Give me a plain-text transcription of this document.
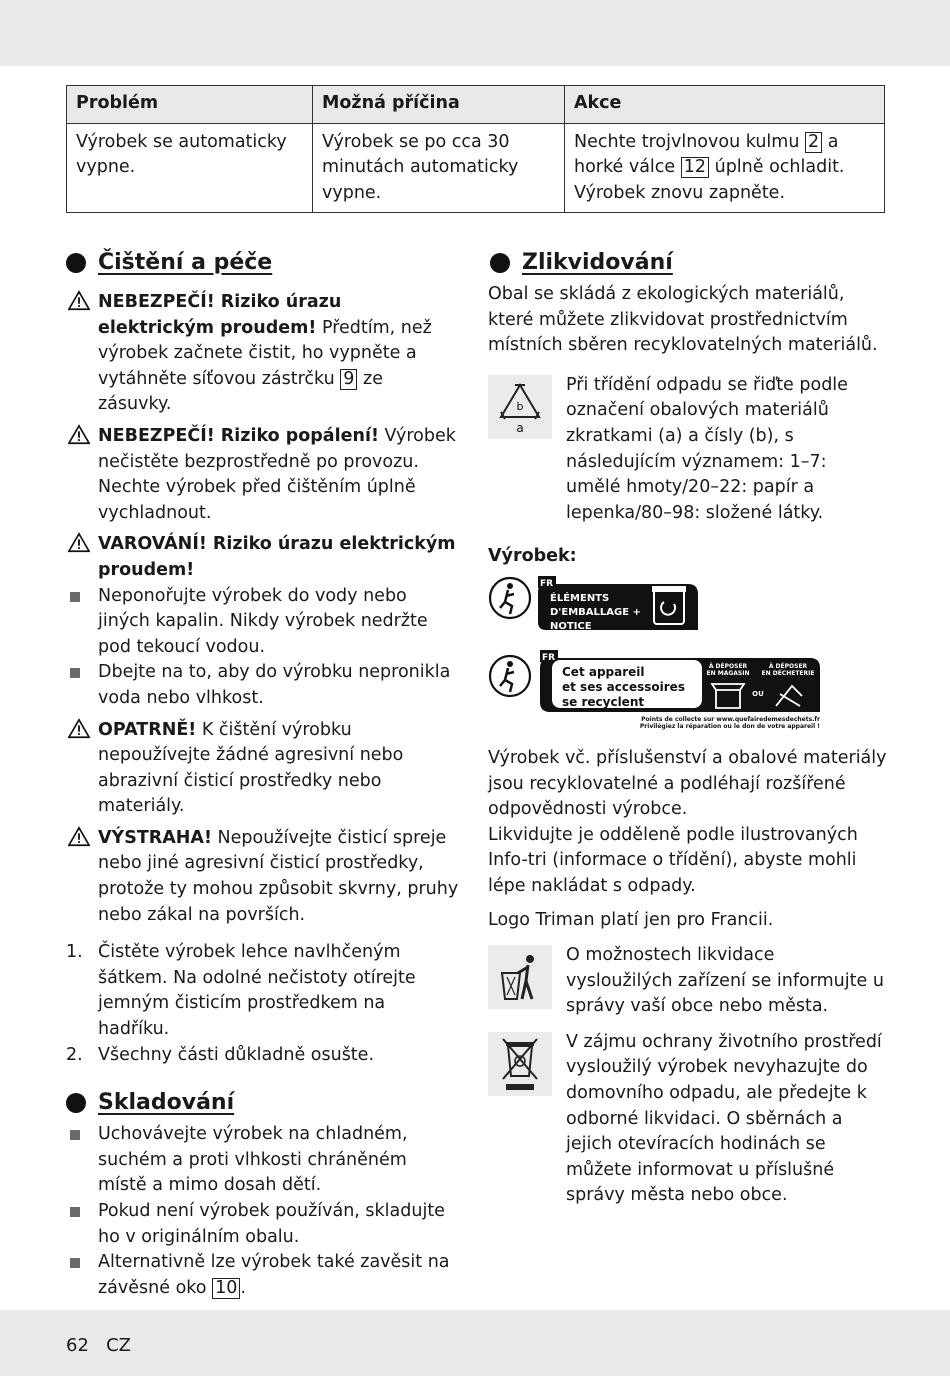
Problém	Možná příčina	Akce
Výrobek se automaticky vypne.	Výrobek se po cca 30 minutách automaticky vypne.	Nechte trojvlnovou kulmu 2 a horké válce 12 úplně ochladit. Výrobek znovu zapněte.
Čištění a péče
NEBEZPEČÍ! Riziko úrazu elektrickým proudem! Předtím, než výrobek začnete čistit, ho vypněte a vytáhněte síťovou zástrčku 9 ze zásuvky.
NEBEZPEČÍ! Riziko popálení! Výrobek nečistěte bezprostředně po provozu. Nechte výrobek před čištěním úplně vychladnout.
VAROVÁNÍ! Riziko úrazu elektrickým proudem!
Neponořujte výrobek do vody nebo jiných kapalin. Nikdy výrobek nedržte pod tekoucí vodou.
Dbejte na to, aby do výrobku nepronikla voda nebo vlhkost.
OPATRNĚ! K čištění výrobku nepoužívejte žádné agresivní nebo abrazivní čisticí prostředky nebo materiály.
VÝSTRAHA! Nepoužívejte čisticí spreje nebo jiné agresivní čisticí prostředky, protože ty mohou způsobit skvrny, pruhy nebo zákal na površích.
1. Čistěte výrobek lehce navlhčeným šátkem. Na odolné nečistoty otírejte jemným čisticím prostředkem na hadříku.
2. Všechny části důkladně osušte.
Skladování
Uchovávejte výrobek na chladném, suchém a proti vlhkosti chráněném místě a mimo dosah dětí.
Pokud není výrobek používán, skladujte ho v originálním obalu.
Alternativně lze výrobek také zavěsit na závěsné oko 10 .
Zlikvidování
Obal se skládá z ekologických materiálů, které můžete zlikvidovat prostřednictvím místních sběren recyklovatelných materiálů.
b
a
Při třídění odpadu se řiďte podle označení obalových materiálů zkratkami (a) a čísly (b), s následujícím významem: 1–7: umělé hmoty/20–22: papír a lepenka/80–98: složené látky.
Výrobek:
FR
ÉLÉMENTS
D'EMBALLAGE +
NOTICE
FR
Cet appareil
et ses accessoires
se recyclent
À DÉPOSER
EN MAGASIN
À DÉPOSER
EN DÉCHETERIE
OU
Points de collecte sur www.quefairedemesdechets.fr
Privilégiez la réparation ou le don de votre appareil !
Výrobek vč. příslušenství a obalové materiály jsou recyklovatelné a podléhají rozšířené odpovědnosti výrobce.
Likvidujte je odděleně podle ilustrovaných Info-tri (informace o třídění), abyste mohli lépe nakládat s odpady.
Logo Triman platí jen pro Francii.
O možnostech likvidace vysloužilých zařízení se informujte u správy vaší obce nebo města.
V zájmu ochrany životního prostředí vysloužilý výrobek nevyhazujte do domovního odpadu, ale předejte k odborné likvidaci. O sběrnách a jejich otevíracích hodinách se můžete informovat u příslušné správy města nebo obce.
62 CZ
